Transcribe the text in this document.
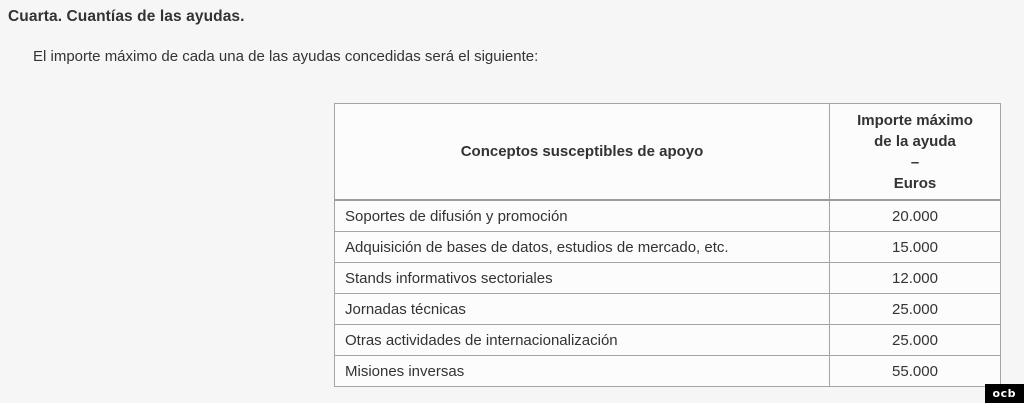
Cuarta. Cuantías de las ayudas.

El importe máximo de cada una de las ayudas concedidas será el siguiente:

Conceptos susceptibles de apoyo	Importe máximo
de la ayuda
–
Euros

Soportes de difusión y promoción	20.000
Adquisición de bases de datos, estudios de mercado, etc.	15.000
Stands informativos sectoriales	12.000
Jornadas técnicas	25.000
Otras actividades de internacionalización	25.000
Misiones inversas	55.000
ocb
